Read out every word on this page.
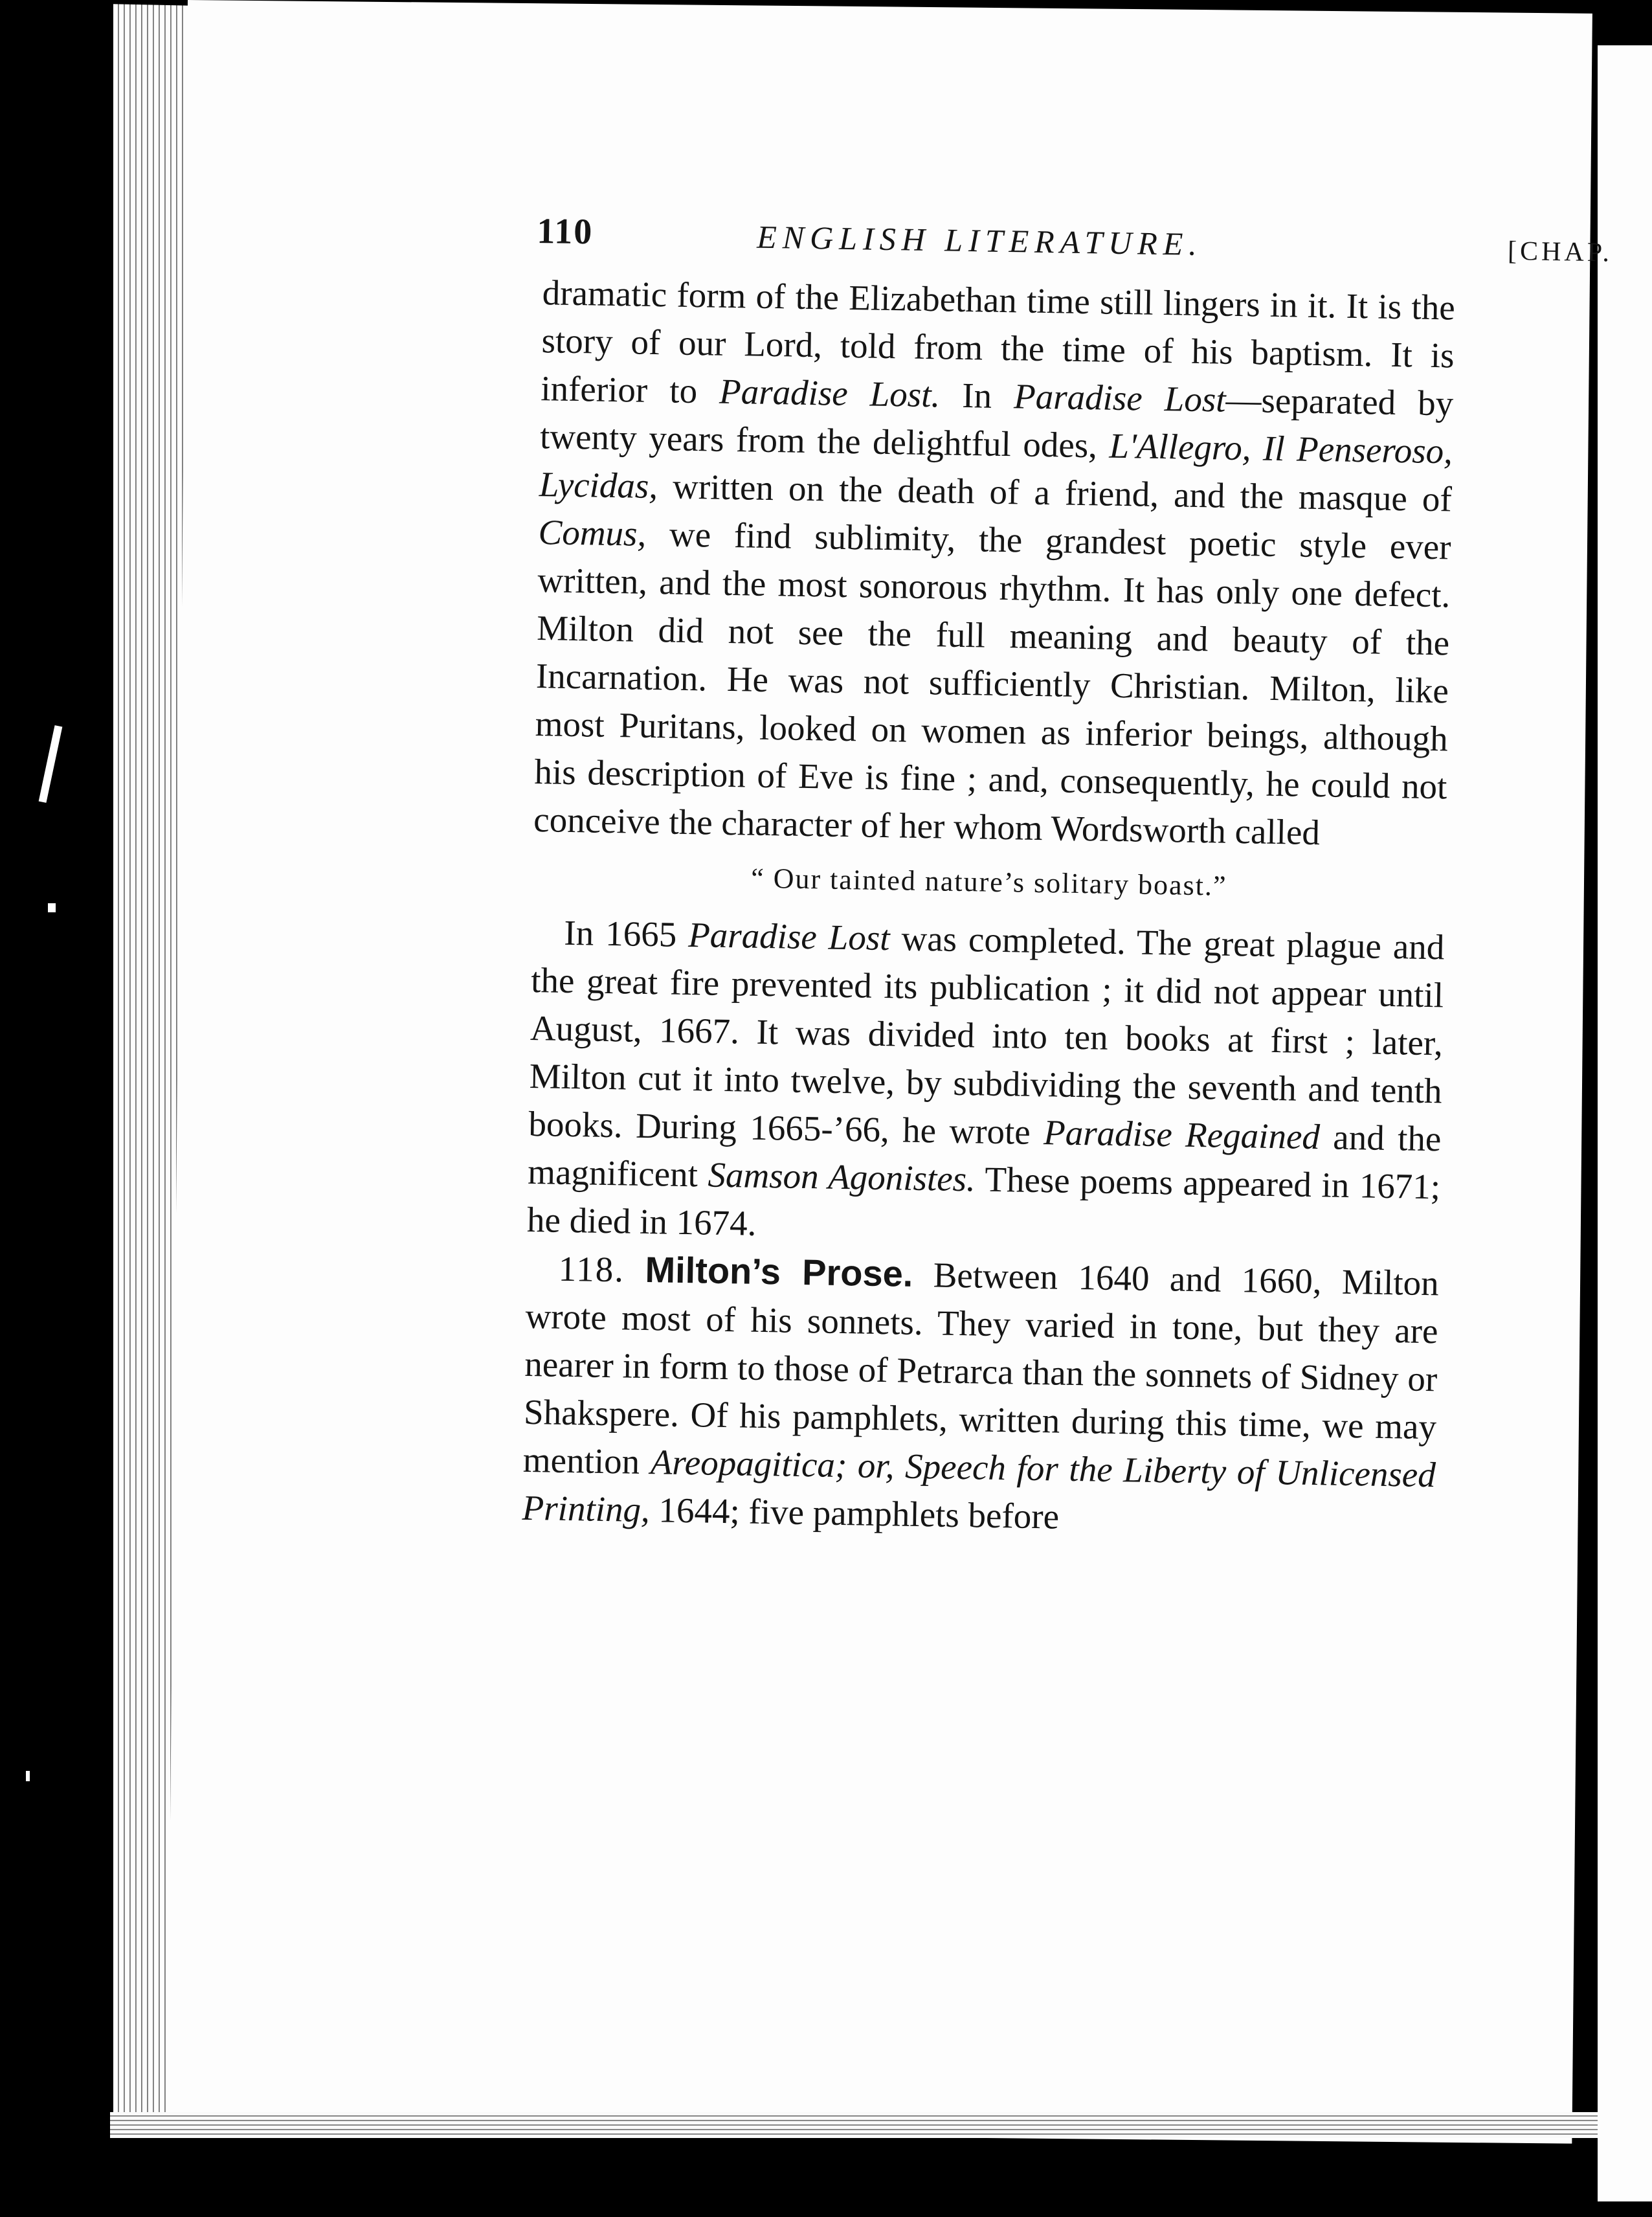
110	ENGLISH LITERATURE.	[CHAP.

dramatic form of the Elizabethan time still lingers in it. It is the story of our Lord, told from the time of his baptism. It is inferior to Paradise Lost. In Paradise Lost—separated by twenty years from the delightful odes, L'Allegro, Il Penseroso, Lycidas, written on the death of a friend, and the masque of Comus, we find sublimity, the grandest poetic style ever written, and the most sonorous rhythm. It has only one defect. Milton did not see the full meaning and beauty of the Incarnation. He was not sufficiently Christian. Milton, like most Puritans, looked on women as inferior beings, although his description of Eve is fine ; and, consequently, he could not conceive the character of her whom Wordsworth called

“ Our tainted nature’s solitary boast.”

In 1665 Paradise Lost was completed. The great plague and the great fire prevented its publication ; it did not appear until August, 1667. It was divided into ten books at first ; later, Milton cut it into twelve, by subdividing the seventh and tenth books. During 1665-’66, he wrote Paradise Regained and the magnificent Samson Agonistes. These poems appeared in 1671; he died in 1674.

118. Milton’s Prose. Between 1640 and 1660, Milton wrote most of his sonnets. They varied in tone, but they are nearer in form to those of Petrarca than the sonnets of Sidney or Shakspere. Of his pamphlets, written during this time, we may mention Areopagitica; or, Speech for the Liberty of Unlicensed Printing, 1644; five pamphlets before
